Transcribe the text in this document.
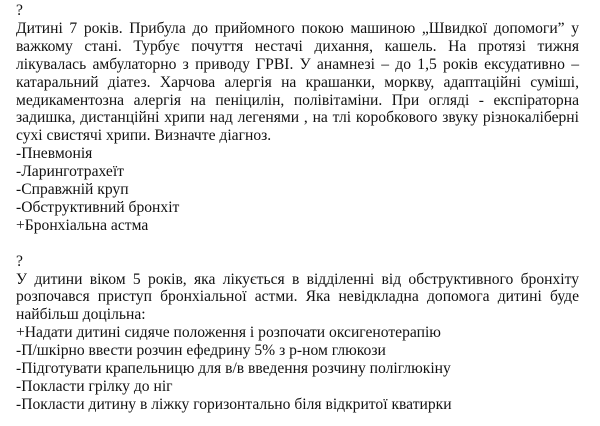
?

Дитині 7 років. Прибула до прийомного покою машиною „Швидкої допомоги” у важкому стані. Турбує почуття нестачі дихання, кашель. На протязі тижня лікувалась амбулаторно з приводу ГРВІ. У анамнезі – до 1,5 років ексудативно – катаральний діатез. Харчова алергія на крашанки, моркву, адаптаційні суміші, медикаментозна алергія на пеніцилін, полівітаміни. При огляді - експіраторна задишка, дистанційні хрипи над легенями , на тлі коробкового звуку різнокаліберні сухі свистячі хрипи. Визначте діагноз.

-Пневмонія
-Ларинготрахеїт
-Справжній круп
-Обструктивний бронхіт
+Бронхіальна астма
?

У дитини віком 5 років, яка лікується в відділенні від обструктивного бронхіту розпочався приступ бронхіальної астми. Яка невідкладна допомога дитині буде найбільш доцільна:

+Надати дитині сидяче положення і розпочати оксигенотерапію
-П/шкірно ввести розчин ефедрину 5% з р-ном глюкози
-Підготувати крапельницю для в/в введення розчину поліглюкіну
-Покласти грілку до ніг
-Покласти дитину в ліжку горизонтально біля відкритої кватирки
